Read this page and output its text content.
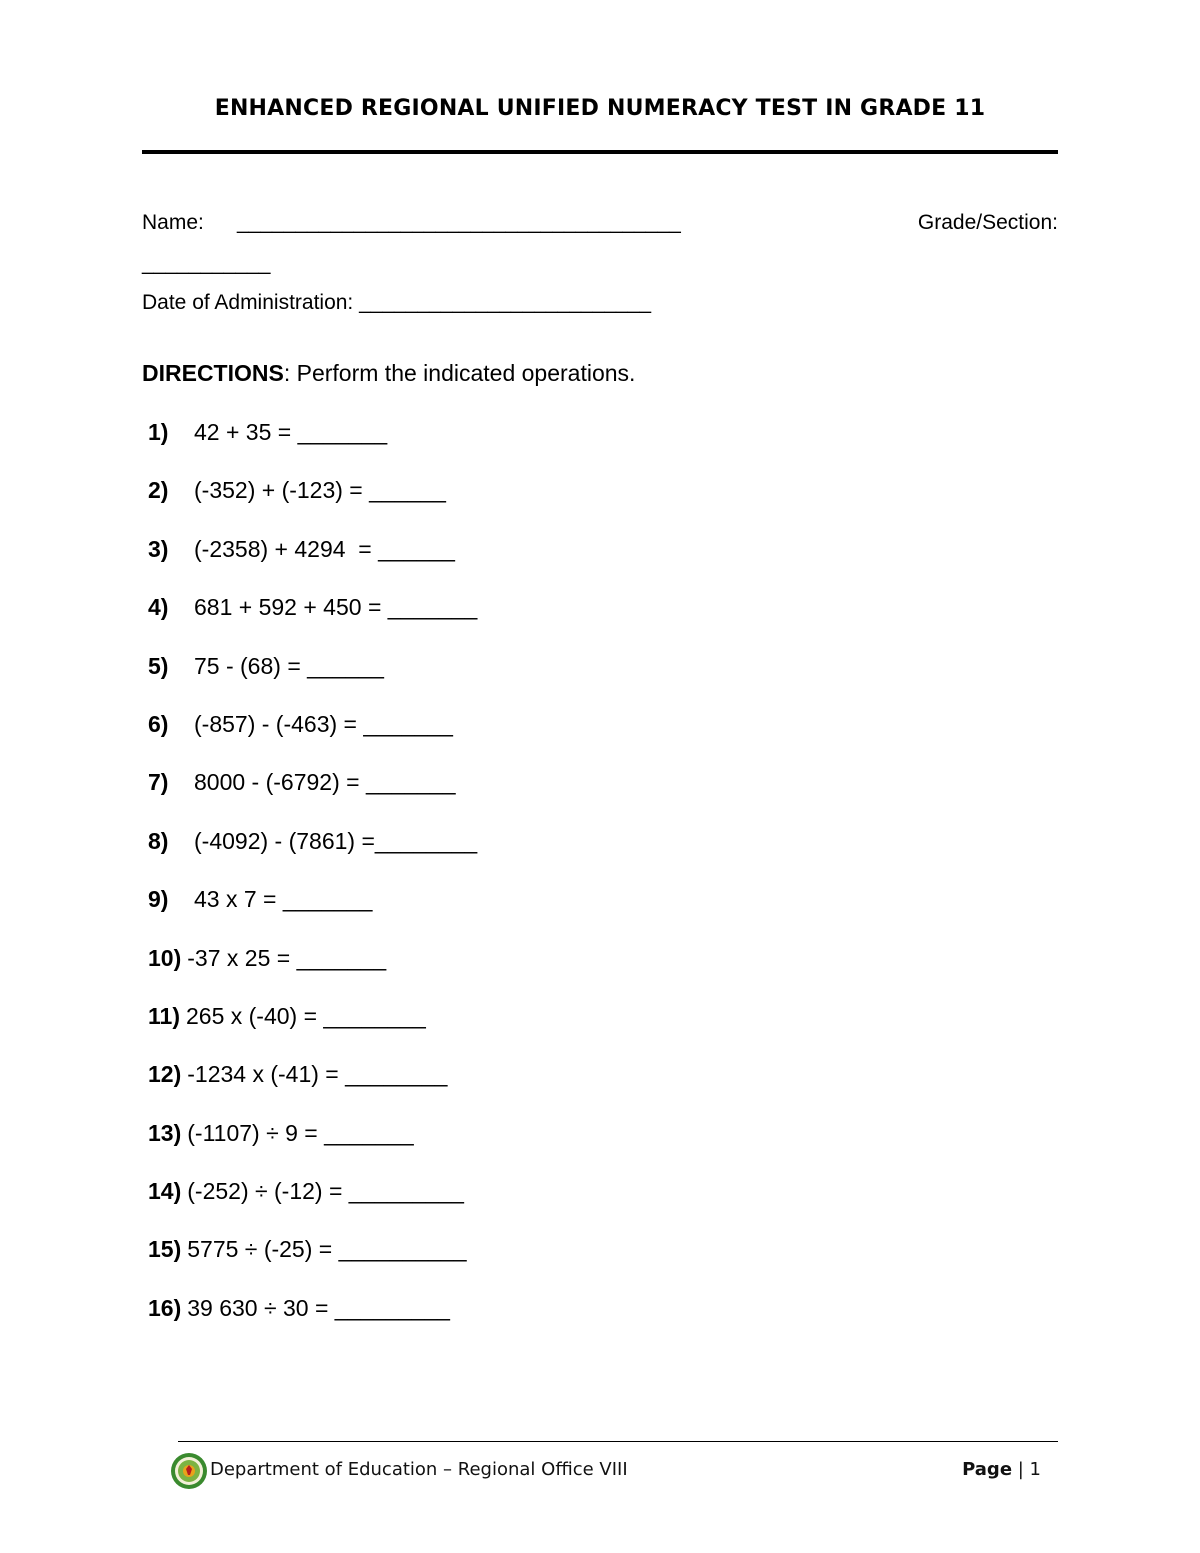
ENHANCED REGIONAL UNIFIED NUMERACY TEST IN GRADE 11
Name: ______________________________________	Grade/Section:
___________
Date of Administration: _________________________
DIRECTIONS: Perform the indicated operations.
1)	42 + 35 = _______
2)	(-352) + (-123) = ______
3)	(-2358) + 4294  = ______
4)	681 + 592 + 450 = _______
5)	75 - (68) = ______
6)	(-857) - (-463) = _______
7)	8000 - (-6792) = _______
8)	(-4092) - (7861) =________
9)	43 x 7 = _______
10) -37 x 25 = _______
11) 265 x (-40) = ________
12) -1234 x (-41) = ________
13) (-1107) ÷ 9 = _______
14) (-252) ÷ (-12) = _________
15) 5775 ÷ (-25) = __________
16) 39 630 ÷ 30 = _________
Department of Education – Regional Office VIII	Page | 1
